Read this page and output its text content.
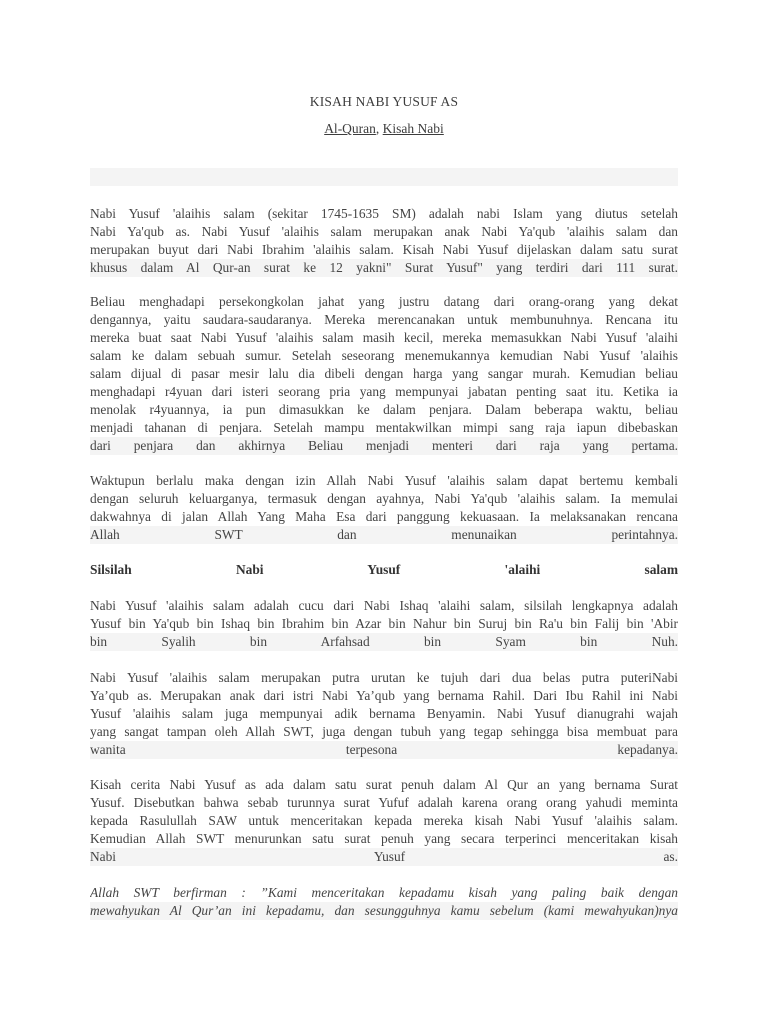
KISAH NABI YUSUF AS
Al-Quran, Kisah Nabi
Nabi Yusuf 'alaihis salam (sekitar 1745-1635 SM) adalah nabi Islam yang diutus setelah
Nabi Ya'qub as. Nabi Yusuf 'alaihis salam merupakan anak Nabi Ya'qub 'alaihis salam dan
merupakan buyut dari Nabi Ibrahim 'alaihis salam. Kisah Nabi Yusuf dijelaskan dalam satu surat
khusus dalam Al Qur-an surat ke 12 yakni" Surat Yusuf" yang terdiri dari 111 surat.
Beliau menghadapi persekongkolan jahat yang justru datang dari orang-orang yang dekat
dengannya, yaitu saudara-saudaranya. Mereka merencanakan untuk membunuhnya. Rencana itu
mereka buat saat Nabi Yusuf 'alaihis salam masih kecil, mereka memasukkan Nabi Yusuf 'alaihi
salam ke dalam sebuah sumur. Setelah seseorang menemukannya kemudian Nabi Yusuf 'alaihis
salam dijual di pasar mesir lalu dia dibeli dengan harga yang sangar murah. Kemudian beliau
menghadapi r4yuan dari isteri seorang pria yang mempunyai jabatan penting saat itu. Ketika ia
menolak r4yuannya, ia pun dimasukkan ke dalam penjara. Dalam beberapa waktu, beliau
menjadi tahanan di penjara. Setelah mampu mentakwilkan mimpi sang raja iapun dibebaskan
dari penjara dan akhirnya Beliau menjadi menteri dari raja yang pertama.
Waktupun berlalu maka dengan izin Allah Nabi Yusuf 'alaihis salam dapat bertemu kembali
dengan seluruh keluarganya, termasuk dengan ayahnya, Nabi Ya'qub 'alaihis salam. Ia memulai
dakwahnya di jalan Allah Yang Maha Esa dari panggung kekuasaan. Ia melaksanakan rencana
Allah SWT dan menunaikan perintahnya.
Silsilah Nabi Yusuf 'alaihi salam
Nabi Yusuf 'alaihis salam adalah cucu dari Nabi Ishaq 'alaihi salam, silsilah lengkapnya adalah
Yusuf bin Ya'qub bin Ishaq bin Ibrahim bin Azar bin Nahur bin Suruj bin Ra'u bin Falij bin 'Abir
bin Syalih bin Arfahsad bin Syam bin Nuh.
Nabi Yusuf 'alaihis salam merupakan putra urutan ke tujuh dari dua belas putra puteriNabi
Ya’qub as. Merupakan anak dari istri Nabi Ya’qub yang bernama Rahil. Dari Ibu Rahil ini Nabi
Yusuf 'alaihis salam juga mempunyai adik bernama Benyamin. Nabi Yusuf dianugrahi wajah
yang sangat tampan oleh Allah SWT, juga dengan tubuh yang tegap sehingga bisa membuat para
wanita terpesona kepadanya.
Kisah cerita Nabi Yusuf as ada dalam satu surat penuh dalam Al Qur an yang bernama Surat
Yusuf. Disebutkan bahwa sebab turunnya surat Yufuf adalah karena orang orang yahudi meminta
kepada Rasulullah SAW untuk menceritakan kepada mereka kisah Nabi Yusuf 'alaihis salam.
Kemudian Allah SWT menurunkan satu surat penuh yang secara terperinci menceritakan kisah
Nabi Yusuf as.
Allah SWT berfirman : ”Kami menceritakan kepadamu kisah yang paling baik dengan
mewahyukan Al Qur’an ini kepadamu, dan sesungguhnya kamu sebelum (kami mewahyukan)nya
